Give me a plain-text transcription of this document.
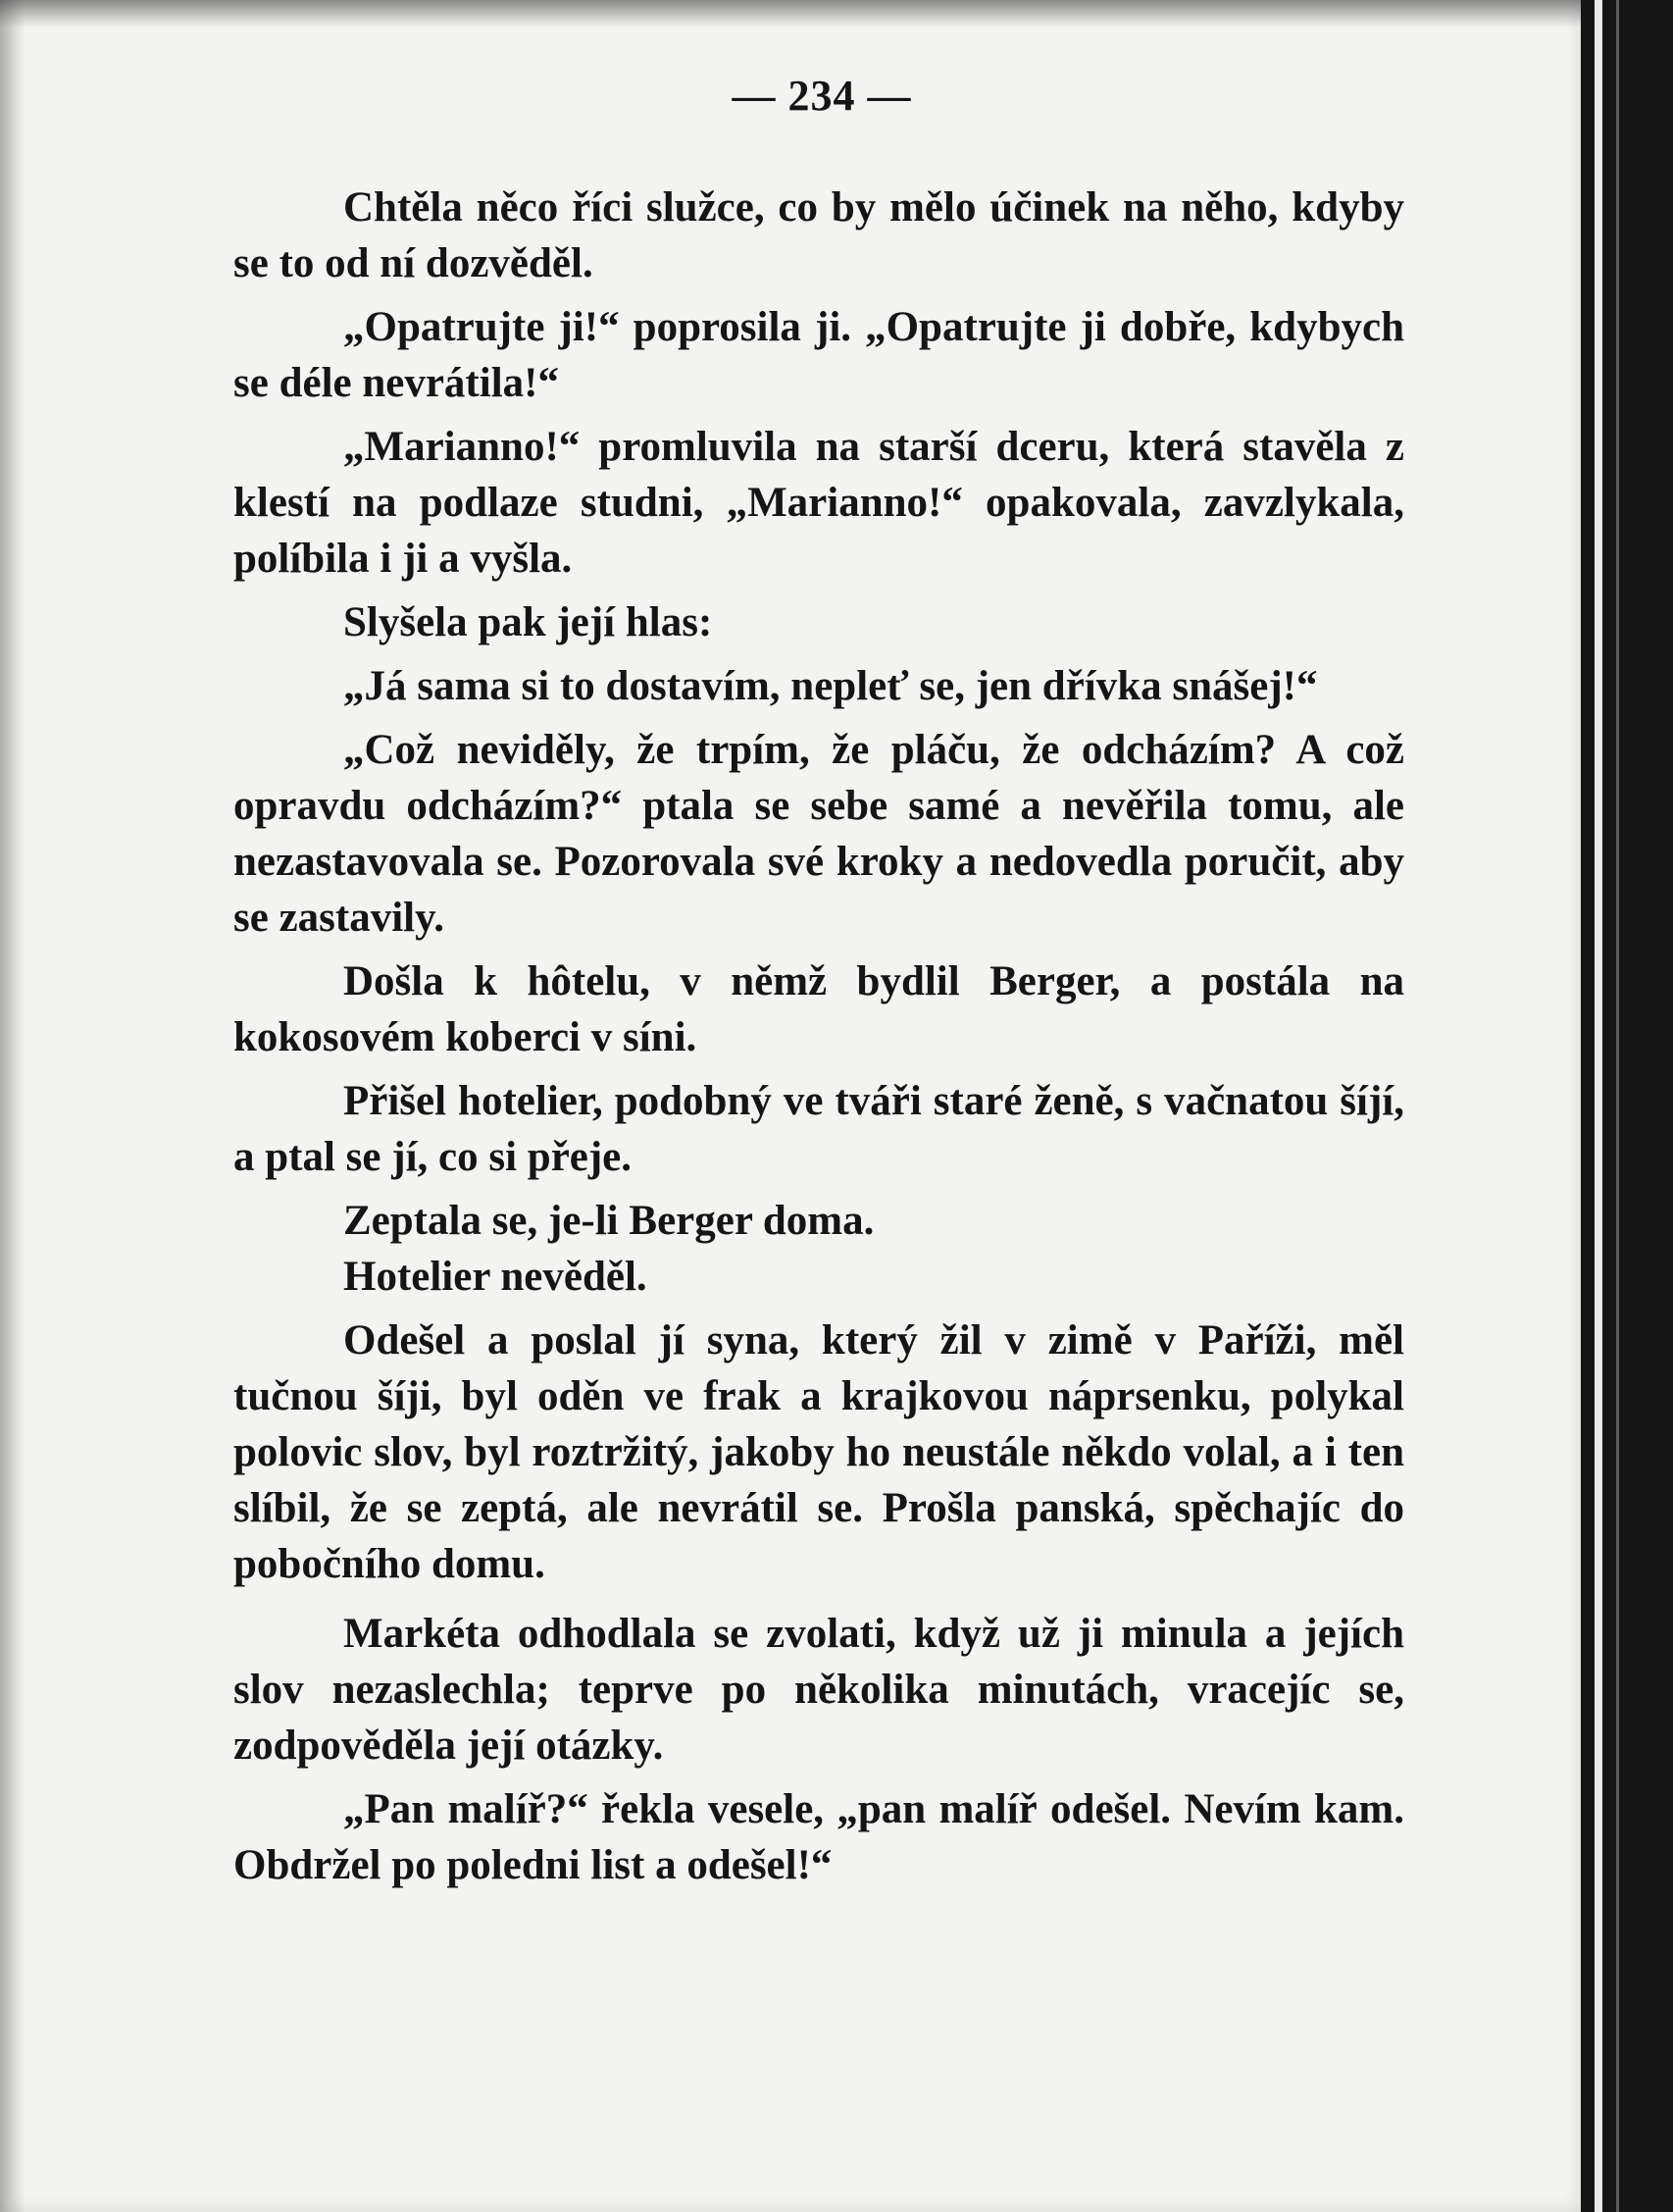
— 234 —

Chtěla něco říci služce, co by mělo účinek na něho, kdyby se to od ní dozvěděl.

„Opatrujte ji!“ poprosila ji. „Opatrujte ji dobře, kdybych se déle nevrátila!“

„Marianno!“ promluvila na starší dceru, která stavěla z klestí na podlaze studni, „Marianno!“ opakovala, zavzlykala, políbila i ji a vyšla.

Slyšela pak její hlas:

„Já sama si to dostavím, nepleť se, jen dřívka snášej!“

„Což neviděly, že trpím, že pláču, že odcházím? A což opravdu odcházím?“ ptala se sebe samé a nevěřila tomu, ale nezastavovala se. Pozorovala své kroky a nedovedla poručit, aby se zastavily.

Došla k hôtelu, v němž bydlil Berger, a postála na kokosovém koberci v síni.

Přišel hotelier, podobný ve tváři staré ženě, s vačnatou šíjí, a ptal se jí, co si přeje.

Zeptala se, je-li Berger doma.

Hotelier nevěděl.

Odešel a poslal jí syna, který žil v zimě v Paříži, měl tučnou šíji, byl oděn ve frak a krajkovou náprsenku, polykal polovic slov, byl roztržitý, jakoby ho neustále někdo volal, a i ten slíbil, že se zeptá, ale nevrátil se. Prošla panská, spěchajíc do pobočního domu.

Markéta odhodlala se zvolati, když už ji minula a jejích slov nezaslechla; teprve po několika minutách, vracejíc se, zodpověděla její otázky.

„Pan malíř?“ řekla vesele, „pan malíř odešel. Nevím kam. Obdržel po poledni list a odešel!“
